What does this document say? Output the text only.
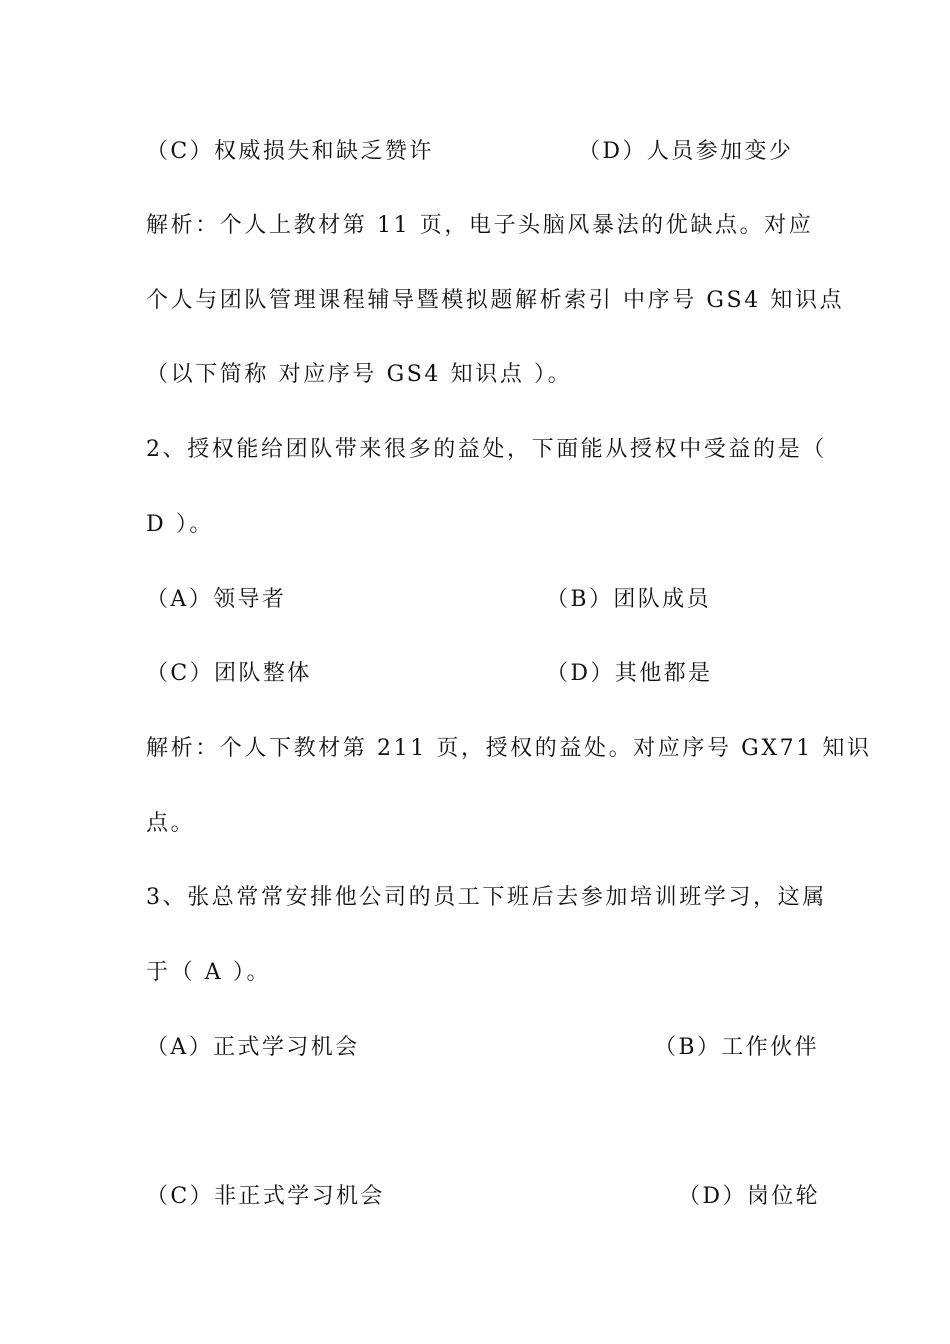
（C）权威损失和缺乏赞许	（D）人员参加变少
解析：个人上教材第 11 页，电子头脑风暴法的优缺点。对应
个人与团队管理课程辅导暨模拟题解析索引 中序号 GS4 知识点
（以下简称 对应序号 GS4 知识点 ）。
2、授权能给团队带来很多的益处，下面能从授权中受益的是（
D ）。
（A）领导者	（B）团队成员
（C）团队整体	（D）其他都是
解析：个人下教材第 211 页，授权的益处。对应序号 GX71 知识
点。
3、张总常常安排他公司的员工下班后去参加培训班学习，这属
于（ A ）。
（A）正式学习机会	（B）工作伙伴
（C）非正式学习机会	（D）岗位轮
